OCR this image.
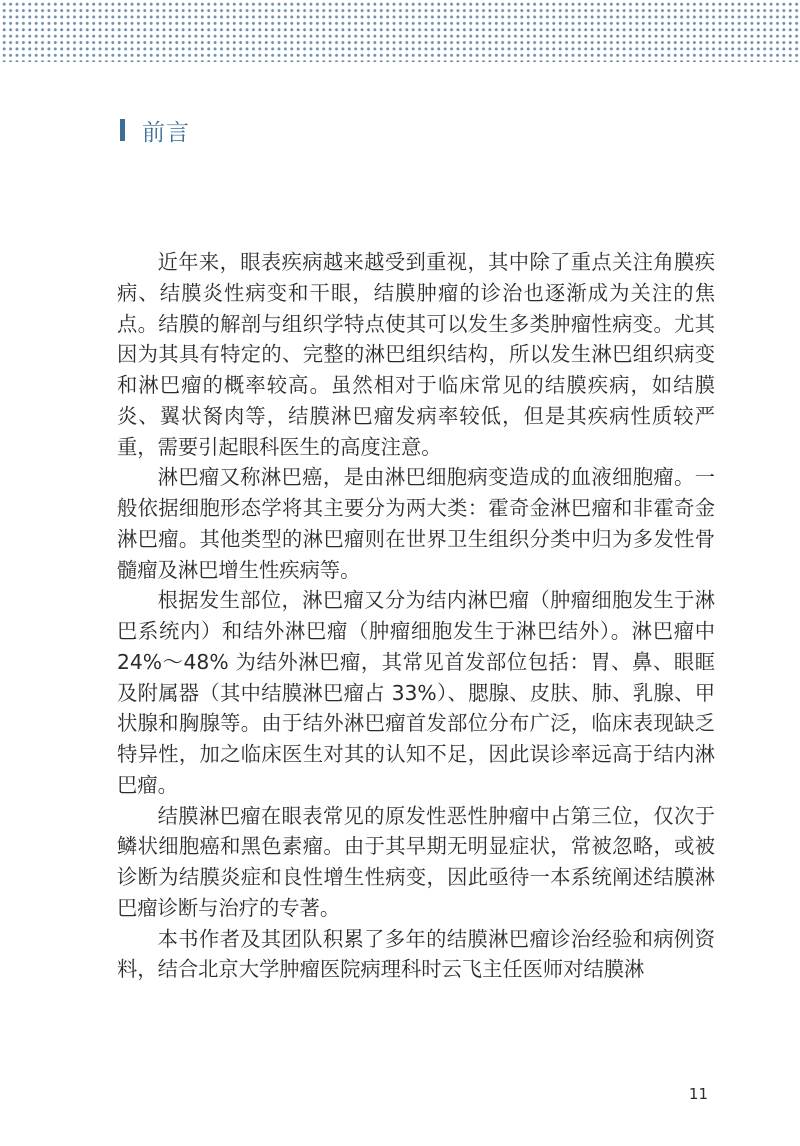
前言

近年来，眼表疾病越来越受到重视，其中除了重点关注角膜疾病、结膜炎性病变和干眼，结膜肿瘤的诊治也逐渐成为关注的焦点。结膜的解剖与组织学特点使其可以发生多类肿瘤性病变。尤其因为其具有特定的、完整的淋巴组织结构，所以发生淋巴组织病变和淋巴瘤的概率较高。虽然相对于临床常见的结膜疾病，如结膜炎、翼状胬肉等，结膜淋巴瘤发病率较低，但是其疾病性质较严重，需要引起眼科医生的高度注意。

淋巴瘤又称淋巴癌，是由淋巴细胞病变造成的血液细胞瘤。一般依据细胞形态学将其主要分为两大类：霍奇金淋巴瘤和非霍奇金淋巴瘤。其他类型的淋巴瘤则在世界卫生组织分类中归为多发性骨髓瘤及淋巴增生性疾病等。

根据发生部位，淋巴瘤又分为结内淋巴瘤（肿瘤细胞发生于淋巴系统内）和结外淋巴瘤（肿瘤细胞发生于淋巴结外）。淋巴瘤中 24%～48% 为结外淋巴瘤，其常见首发部位包括：胃、鼻、眼眶及附属器（其中结膜淋巴瘤占 33%）、腮腺、皮肤、肺、乳腺、甲状腺和胸腺等。由于结外淋巴瘤首发部位分布广泛，临床表现缺乏特异性，加之临床医生对其的认知不足，因此误诊率远高于结内淋巴瘤。

结膜淋巴瘤在眼表常见的原发性恶性肿瘤中占第三位，仅次于鳞状细胞癌和黑色素瘤。由于其早期无明显症状，常被忽略，或被诊断为结膜炎症和良性增生性病变，因此亟待一本系统阐述结膜淋巴瘤诊断与治疗的专著。

本书作者及其团队积累了多年的结膜淋巴瘤诊治经验和病例资料，结合北京大学肿瘤医院病理科时云飞主任医师对结膜淋

11
